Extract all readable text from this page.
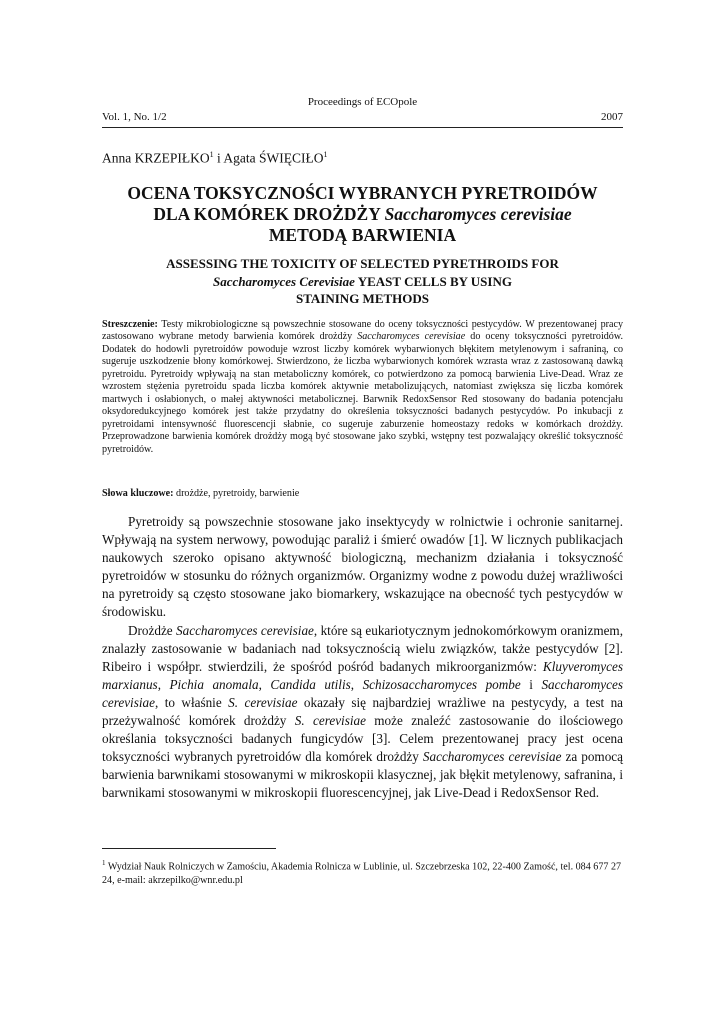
Proceedings of ECOpole
Vol. 1, No. 1/2	2007
Anna KRZEPIŁKO$^1$ i Agata ŚWIĘCIŁO$^1$
OCENA TOKSYCZNOŚCI WYBRANYCH PYRETROIDÓW
DLA KOMÓREK DROŻDŻY Saccharomyces cerevisiae
METODĄ BARWIENIA
ASSESSING THE TOXICITY OF SELECTED PYRETHROIDS FOR
Saccharomyces Cerevisiae YEAST CELLS BY USING
STAINING METHODS
Streszczenie: Testy mikrobiologiczne są powszechnie stosowane do oceny toksyczności pestycydów. W prezentowanej pracy zastosowano wybrane metody barwienia komórek drożdży Saccharomyces cerevisiae do oceny toksyczności pyretroidów. Dodatek do hodowli pyretroidów powoduje wzrost liczby komórek wybarwionych błękitem metylenowym i safraniną, co sugeruje uszkodzenie błony komórkowej. Stwierdzono, że liczba wybarwionych komórek wzrasta wraz z zastosowaną dawką pyretroidu. Pyretroidy wpływają na stan metaboliczny komórek, co potwierdzono za pomocą barwienia Live-Dead. Wraz ze wzrostem stężenia pyretroidu spada liczba komórek aktywnie metabolizujących, natomiast zwiększa się liczba komórek martwych i osłabionych, o małej aktywności metabolicznej. Barwnik RedoxSensor Red stosowany do badania potencjału oksydoredukcyjnego komórek jest także przydatny do określenia toksyczności badanych pestycydów. Po inkubacji z pyretroidami intensywność fluorescencji słabnie, co sugeruje zaburzenie homeostazy redoks w komórkach drożdży. Przeprowadzone barwienia komórek drożdży mogą być stosowane jako szybki, wstępny test pozwalający określić toksyczność pyretroidów.
Słowa kluczowe: drożdże, pyretroidy, barwienie

Pyretroidy są powszechnie stosowane jako insektycydy w rolnictwie i ochronie sanitarnej. Wpływają na system nerwowy, powodując paraliż i śmierć owadów [1]. W licznych publikacjach naukowych szeroko opisano aktywność biologiczną, mechanizm działania i toksyczność pyretroidów w stosunku do różnych organizmów. Organizmy wodne z powodu dużej wrażliwości na pyretroidy są często stosowane jako biomarkery, wskazujące na obecność tych pestycydów w środowisku.

Drożdże Saccharomyces cerevisiae, które są eukariotycznym jednokomórkowym oranizmem, znalazły zastosowanie w badaniach nad toksycznością wielu związków, także pestycydów [2]. Ribeiro i współpr. stwierdzili, że spośród pośród badanych mikroorganizmów: Kluyveromyces marxianus, Pichia anomala, Candida utilis, Schizosaccharomyces pombe i Saccharomyces cerevisiae, to właśnie S. cerevisiae okazały się najbardziej wrażliwe na pestycydy, a test na przeżywalność komórek drożdży S. cerevisiae może znaleźć zastosowanie do ilościowego określania toksyczności badanych fungicydów [3]. Celem prezentowanej pracy jest ocena toksyczności wybranych pyretroidów dla komórek drożdży Saccharomyces cerevisiae za pomocą barwienia barwnikami stosowanymi w mikroskopii klasycznej, jak błękit metylenowy, safranina, i barwnikami stosowanymi w mikroskopii fluorescencyjnej, jak Live-Dead i RedoxSensor Red.

$^1$ Wydział Nauk Rolniczych w Zamościu, Akademia Rolnicza w Lublinie, ul. Szczebrzeska 102, 22-400 Zamość, tel. 084 677 27 24, e-mail: akrzepilko@wnr.edu.pl
